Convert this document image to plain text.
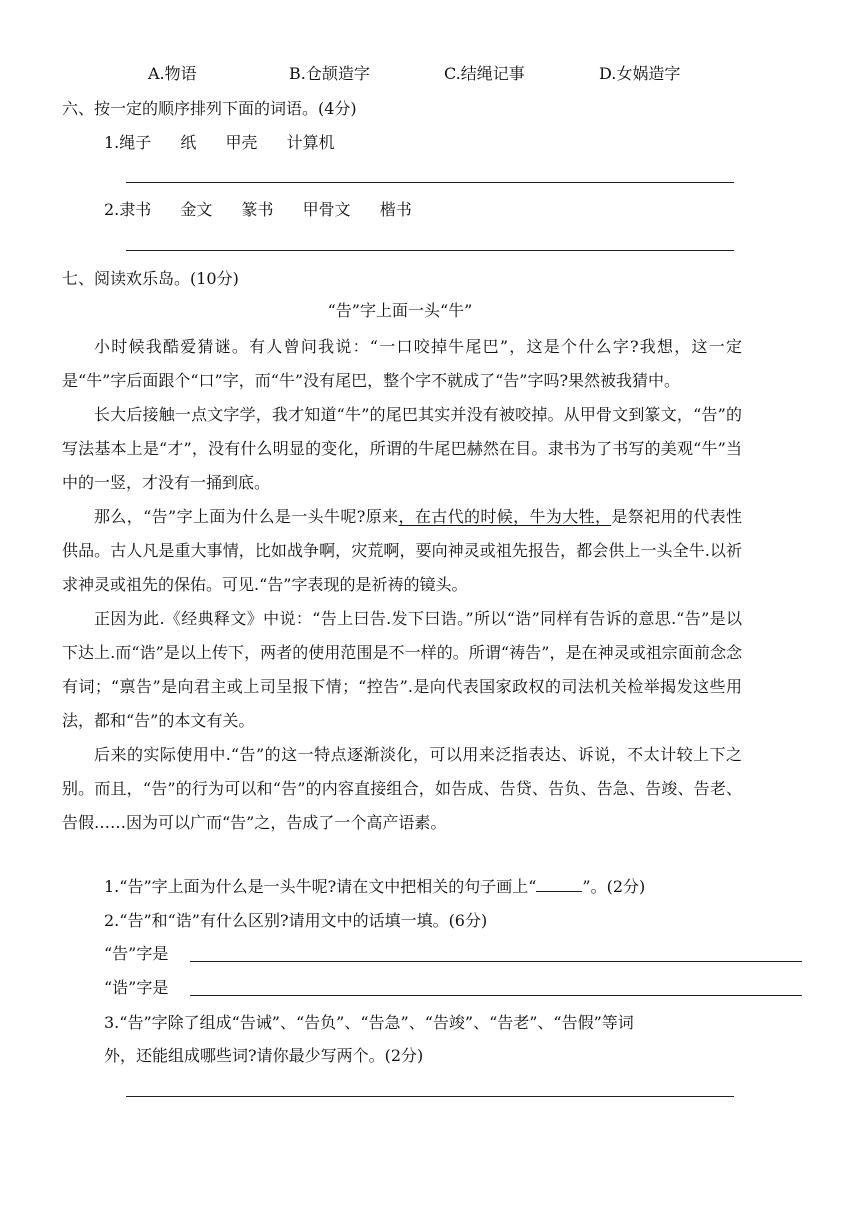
A.物语	B.仓颉造字	C.结绳记事	D.女娲造字
六、按一定的顺序排列下面的词语。(4分)
1.绳子 纸 甲壳 计算机
2.隶书 金文 篆书 甲骨文 楷书
七、阅读欢乐岛。(10分)
“告”字上面一头“牛”

小时候我酷爱猜谜。有人曾问我说：“一口咬掉牛尾巴”，这是个什么字?我想，这一定是“牛”字后面跟个“口”字，而“牛”没有尾巴，整个字不就成了“告”字吗?果然被我猜中。

长大后接触一点文字学，我才知道“牛”的尾巴其实并没有被咬掉。从甲骨文到篆文，“告”的写法基本上是“才”，没有什么明显的变化，所谓的牛尾巴赫然在目。隶书为了书写的美观“牛”当中的一竖，才没有一捅到底。

那么，“告”字上面为什么是一头牛呢?原来，在古代的时候，牛为大牲，是祭祀用的代表性供品。古人凡是重大事情，比如战争啊，灾荒啊，要向神灵或祖先报告，都会供上一头全牛.以祈求神灵或祖先的保佑。可见.“告”字表现的是祈祷的镜头。

正因为此.《经典释文》中说：“告上曰告.发下曰诰。”所以“诰”同样有告诉的意思.“告”是以下达上.而“诰”是以上传下，两者的使用范围是不一样的。所谓“祷告”，是在神灵或祖宗面前念念有词；“禀告”是向君主或上司呈报下情；“控告”.是向代表国家政权的司法机关检举揭发这些用法，都和“告”的本文有关。

后来的实际使用中.“告”的这一特点逐渐淡化，可以用来泛指表达、诉说，不太计较上下之别。而且，“告”的行为可以和“告”的内容直接组合，如告成、告贷、告负、告急、告竣、告老、告假……因为可以广而“告”之，告成了一个高产语素。

1.“告”字上面为什么是一头牛呢?请在文中把相关的句子画上“	”。(2分)
2.“告”和“诰”有什么区别?请用文中的话填一填。(6分)
“告”字是
“诰”字是
3.“告”字除了组成“告诫”、“告负”、“告急”、“告竣”、“告老”、“告假”等词
外，还能组成哪些词?请你最少写两个。(2分)
